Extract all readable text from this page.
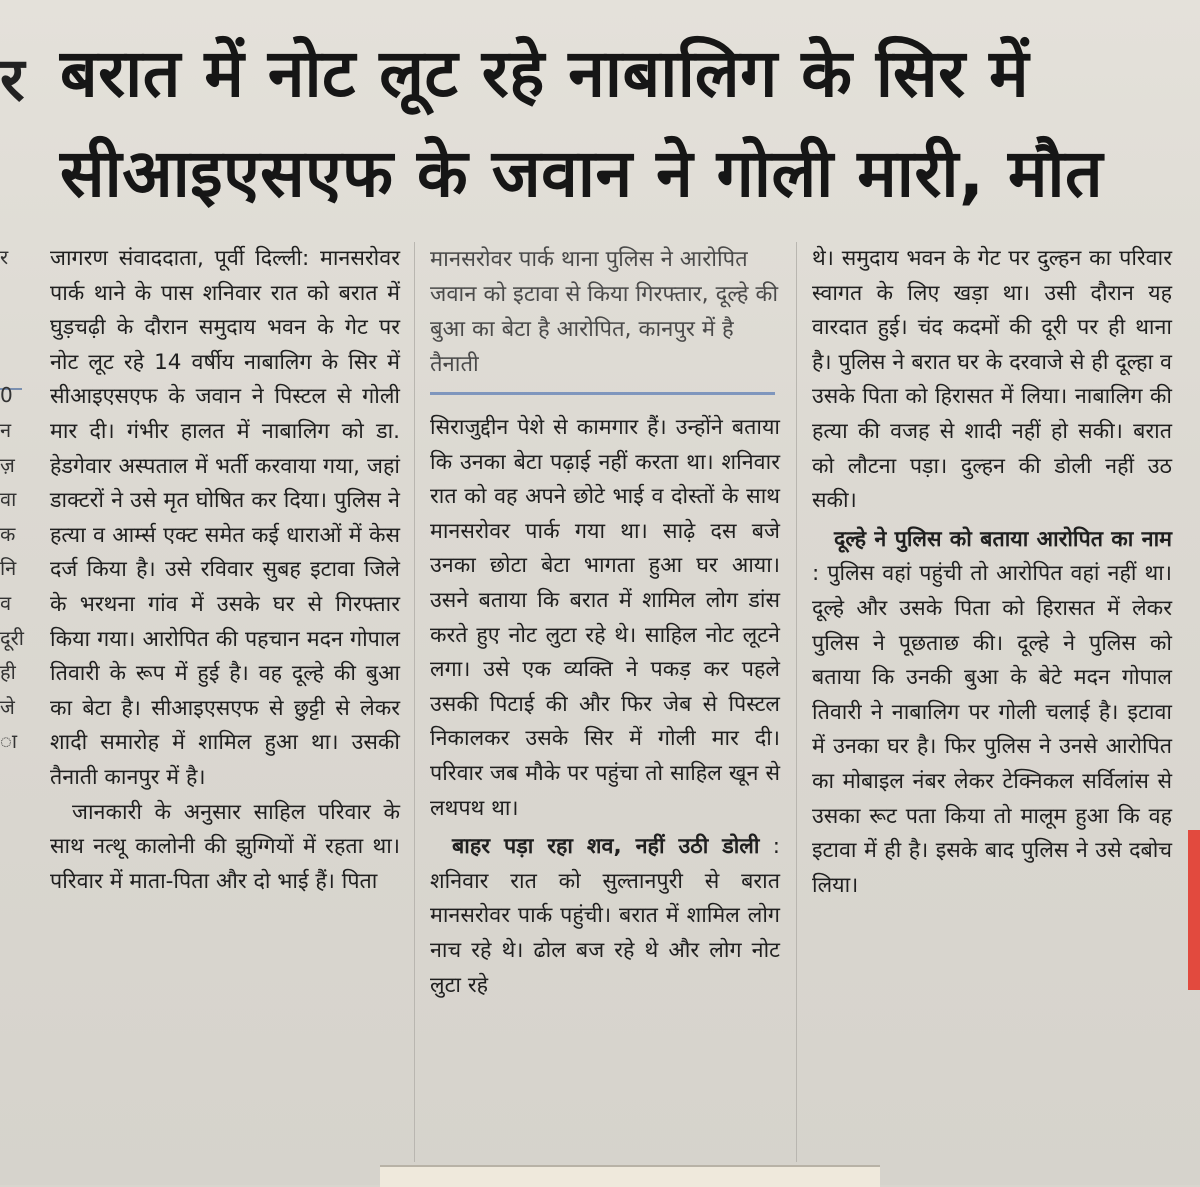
र
र

0
न
ज़
वा
क
नि
व
दूरी
ही
जे
ा
बरात में नोट लूट रहे नाबालिग के सिर में
सीआइएसएफ के जवान ने गोली मारी, मौत

जागरण संवाददाता, पूर्वी दिल्ली: मानसरोवर पार्क थाने के पास शनिवार रात को बरात में घुड़चढ़ी के दौरान समुदाय भवन के गेट पर नोट लूट रहे 14 वर्षीय नाबालिग के सिर में सीआइएसएफ के जवान ने पिस्टल से गोली मार दी। गंभीर हालत में नाबालिग को डा. हेडगेवार अस्पताल में भर्ती करवाया गया, जहां डाक्टरों ने उसे मृत घोषित कर दिया। पुलिस ने हत्या व आर्म्स एक्ट समेत कई धाराओं में केस दर्ज किया है। उसे रविवार सुबह इटावा जिले के भरथना गांव में उसके घर से गिरफ्तार किया गया। आरोपित की पहचान मदन गोपाल तिवारी के रूप में हुई है। वह दूल्हे की बुआ का बेटा है। सीआइएसएफ से छुट्टी से लेकर शादी समारोह में शामिल हुआ था। उसकी तैनाती कानपुर में है।

जानकारी के अनुसार साहिल परिवार के साथ नत्थू कालोनी की झुग्गियों में रहता था। परिवार में माता-पिता और दो भाई हैं। पिता

मानसरोवर पार्क थाना पुलिस ने आरोपित जवान को इटावा से किया गिरफ्तार, दूल्हे की बुआ का बेटा है आरोपित, कानपुर में है तैनाती

सिराजुद्दीन पेशे से कामगार हैं। उन्होंने बताया कि उनका बेटा पढ़ाई नहीं करता था। शनिवार रात को वह अपने छोटे भाई व दोस्तों के साथ मानसरोवर पार्क गया था। साढ़े दस बजे उनका छोटा बेटा भागता हुआ घर आया। उसने बताया कि बरात में शामिल लोग डांस करते हुए नोट लुटा रहे थे। साहिल नोट लूटने लगा। उसे एक व्यक्ति ने पकड़ कर पहले उसकी पिटाई की और फिर जेब से पिस्टल निकालकर उसके सिर में गोली मार दी। परिवार जब मौके पर पहुंचा तो साहिल खून से लथपथ था।

बाहर पड़ा रहा शव, नहीं उठी डोली : शनिवार रात को सुल्तानपुरी से बरात मानसरोवर पार्क पहुंची। बरात में शामिल लोग नाच रहे थे। ढोल बज रहे थे और लोग नोट लुटा रहे

थे। समुदाय भवन के गेट पर दुल्हन का परिवार स्वागत के लिए खड़ा था। उसी दौरान यह वारदात हुई। चंद कदमों की दूरी पर ही थाना है। पुलिस ने बरात घर के दरवाजे से ही दूल्हा व उसके पिता को हिरासत में लिया। नाबालिग की हत्या की वजह से शादी नहीं हो सकी। बरात को लौटना पड़ा। दुल्हन की डोली नहीं उठ सकी।

दूल्हे ने पुलिस को बताया आरोपित का नाम : पुलिस वहां पहुंची तो आरोपित वहां नहीं था। दूल्हे और उसके पिता को हिरासत में लेकर पुलिस ने पूछताछ की। दूल्हे ने पुलिस को बताया कि उनकी बुआ के बेटे मदन गोपाल तिवारी ने नाबालिग पर गोली चलाई है। इटावा में उनका घर है। फिर पुलिस ने उनसे आरोपित का मोबाइल नंबर लेकर टेक्निकल सर्विलांस से उसका रूट पता किया तो मालूम हुआ कि वह इटावा में ही है। इसके बाद पुलिस ने उसे दबोच लिया।
